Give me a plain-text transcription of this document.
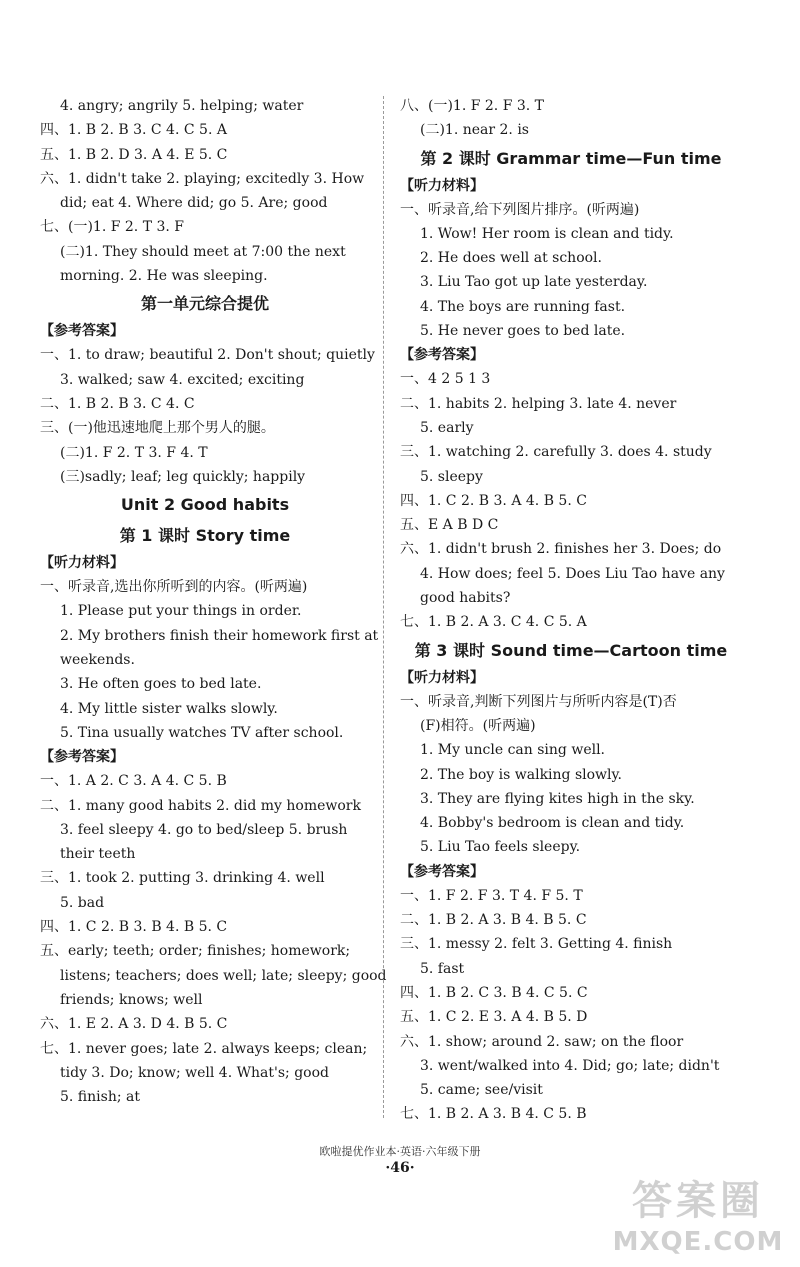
4. angry; angrily 5. helping; water
四、1. B 2. B 3. C 4. C 5. A
五、1. B 2. D 3. A 4. E 5. C
六、1. didn't take 2. playing; excitedly 3. How
did; eat 4. Where did; go 5. Are; good
七、(一)1. F 2. T 3. F
(二)1. They should meet at 7:00 the next
morning. 2. He was sleeping.
第一单元综合提优
【参考答案】
一、1. to draw; beautiful 2. Don't shout; quietly
3. walked; saw 4. excited; exciting
二、1. B 2. B 3. C 4. C
三、(一)他迅速地爬上那个男人的腿。
(二)1. F 2. T 3. F 4. T
(三)sadly; leaf; leg quickly; happily
Unit 2 Good habits
第 1 课时 Story time
【听力材料】
一、听录音,选出你所听到的内容。(听两遍)
1. Please put your things in order.
2. My brothers finish their homework first at
weekends.
3. He often goes to bed late.
4. My little sister walks slowly.
5. Tina usually watches TV after school.
【参考答案】
一、1. A 2. C 3. A 4. C 5. B
二、1. many good habits 2. did my homework
3. feel sleepy 4. go to bed/sleep 5. brush
their teeth
三、1. took 2. putting 3. drinking 4. well
5. bad
四、1. C 2. B 3. B 4. B 5. C
五、early; teeth; order; finishes; homework;
listens; teachers; does well; late; sleepy; good
friends; knows; well
六、1. E 2. A 3. D 4. B 5. C
七、1. never goes; late 2. always keeps; clean;
tidy 3. Do; know; well 4. What's; good
5. finish; at
八、(一)1. F 2. F 3. T
(二)1. near 2. is
第 2 课时 Grammar time—Fun time
【听力材料】
一、听录音,给下列图片排序。(听两遍)
1. Wow! Her room is clean and tidy.
2. He does well at school.
3. Liu Tao got up late yesterday.
4. The boys are running fast.
5. He never goes to bed late.
【参考答案】
一、4 2 5 1 3
二、1. habits 2. helping 3. late 4. never
5. early
三、1. watching 2. carefully 3. does 4. study
5. sleepy
四、1. C 2. B 3. A 4. B 5. C
五、E A B D C
六、1. didn't brush 2. finishes her 3. Does; do
4. How does; feel 5. Does Liu Tao have any
good habits?
七、1. B 2. A 3. C 4. C 5. A
第 3 课时 Sound time—Cartoon time
【听力材料】
一、听录音,判断下列图片与所听内容是(T)否
(F)相符。(听两遍)
1. My uncle can sing well.
2. The boy is walking slowly.
3. They are flying kites high in the sky.
4. Bobby's bedroom is clean and tidy.
5. Liu Tao feels sleepy.
【参考答案】
一、1. F 2. F 3. T 4. F 5. T
二、1. B 2. A 3. B 4. B 5. C
三、1. messy 2. felt 3. Getting 4. finish
5. fast
四、1. B 2. C 3. B 4. C 5. C
五、1. C 2. E 3. A 4. B 5. D
六、1. show; around 2. saw; on the floor
3. went/walked into 4. Did; go; late; didn't
5. came; see/visit
七、1. B 2. A 3. B 4. C 5. B
欧啦提优作业本·英语·六年级下册
·46·
答案圈
MXQE.COM
